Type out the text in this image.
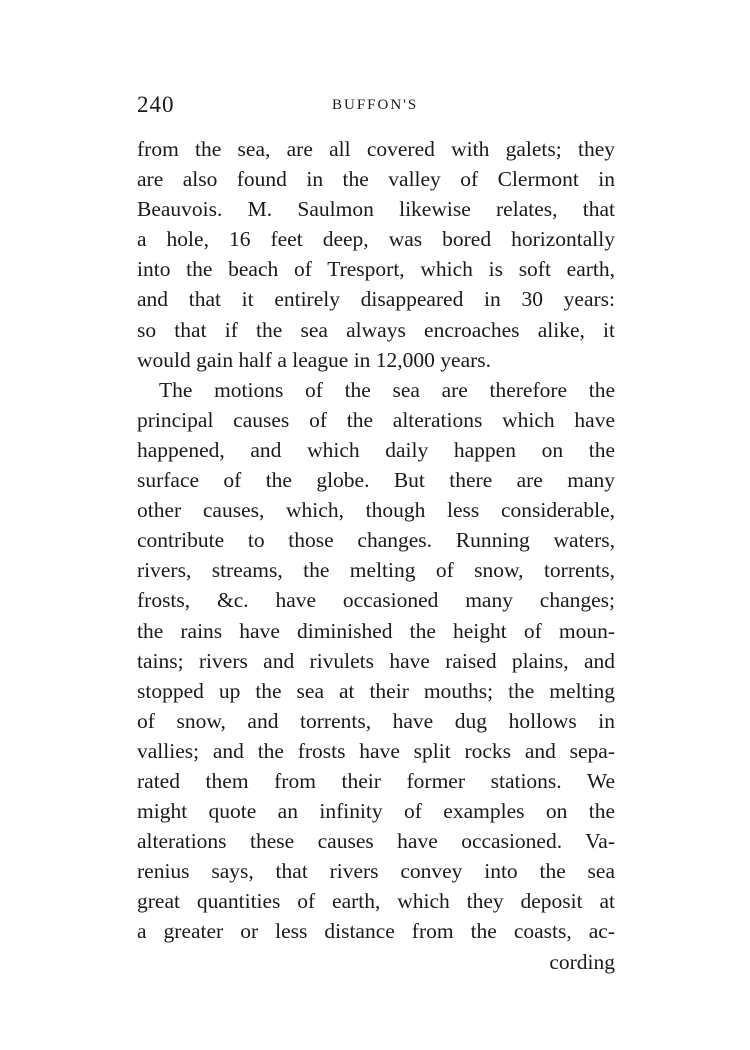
240	BUFFON'S
from the sea, are all covered with galets; they
are also found in the valley of Clermont in
Beauvois. M. Saulmon likewise relates, that
a hole, 16 feet deep, was bored horizontally
into the beach of Tresport, which is soft earth,
and that it entirely disappeared in 30 years:
so that if the sea always encroaches alike, it
would gain half a league in 12,000 years.
The motions of the sea are therefore the
principal causes of the alterations which have
happened, and which daily happen on the
surface of the globe. But there are many
other causes, which, though less considerable,
contribute to those changes. Running waters,
rivers, streams, the melting of snow, torrents,
frosts, &c. have occasioned many changes;
the rains have diminished the height of moun-
tains; rivers and rivulets have raised plains, and
stopped up the sea at their mouths; the melting
of snow, and torrents, have dug hollows in
vallies; and the frosts have split rocks and sepa-
rated them from their former stations. We
might quote an infinity of examples on the
alterations these causes have occasioned. Va-
renius says, that rivers convey into the sea
great quantities of earth, which they deposit at
a greater or less distance from the coasts, ac-
cording
